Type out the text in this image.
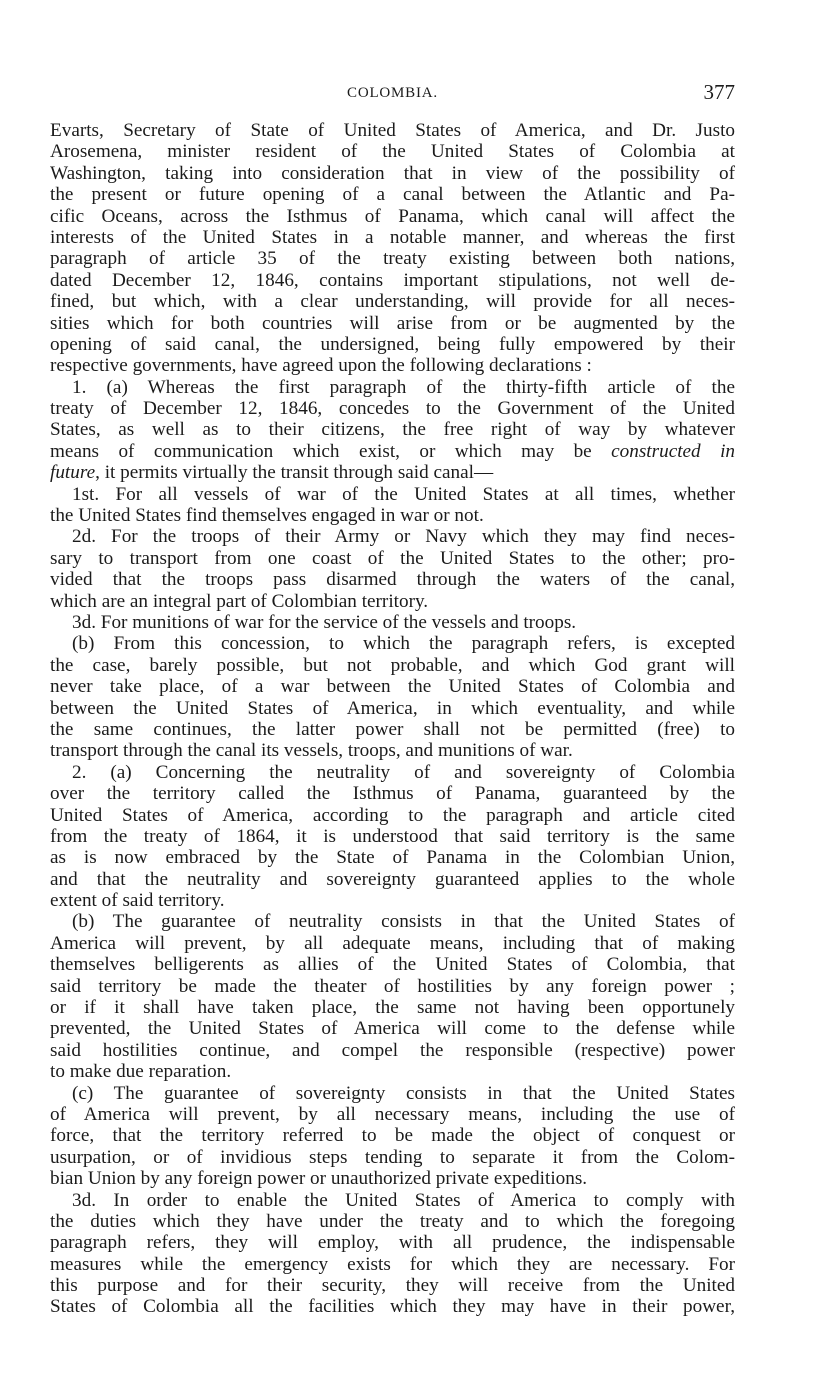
COLOMBIA.	377
Evarts, Secretary of State of United States of America, and Dr. Justo
Arosemena, minister resident of the United States of Colombia at
Washington, taking into consideration that in view of the possibility of
the present or future opening of a canal between the Atlantic and Pa-
cific Oceans, across the Isthmus of Panama, which canal will affect the
interests of the United States in a notable manner, and whereas the first
paragraph of article 35 of the treaty existing between both nations,
dated December 12, 1846, contains important stipulations, not well de-
fined, but which, with a clear understanding, will provide for all neces-
sities which for both countries will arise from or be augmented by the
opening of said canal, the undersigned, being fully empowered by their
respective governments, have agreed upon the following declarations :
1. (a) Whereas the first paragraph of the thirty-fifth article of the
treaty of December 12, 1846, concedes to the Government of the United
States, as well as to their citizens, the free right of way by whatever
means of communication which exist, or which may be constructed in
future, it permits virtually the transit through said canal—
1st. For all vessels of war of the United States at all times, whether
the United States find themselves engaged in war or not.
2d. For the troops of their Army or Navy which they may find neces-
sary to transport from one coast of the United States to the other; pro-
vided that the troops pass disarmed through the waters of the canal,
which are an integral part of Colombian territory.
3d. For munitions of war for the service of the vessels and troops.
(b) From this concession, to which the paragraph refers, is excepted
the case, barely possible, but not probable, and which God grant will
never take place, of a war between the United States of Colombia and
between the United States of America, in which eventuality, and while
the same continues, the latter power shall not be permitted (free) to
transport through the canal its vessels, troops, and munitions of war.
2. (a) Concerning the neutrality of and sovereignty of Colombia
over the territory called the Isthmus of Panama, guaranteed by the
United States of America, according to the paragraph and article cited
from the treaty of 1864, it is understood that said territory is the same
as is now embraced by the State of Panama in the Colombian Union,
and that the neutrality and sovereignty guaranteed applies to the whole
extent of said territory.
(b) The guarantee of neutrality consists in that the United States of
America will prevent, by all adequate means, including that of making
themselves belligerents as allies of the United States of Colombia, that
said territory be made the theater of hostilities by any foreign power ;
or if it shall have taken place, the same not having been opportunely
prevented, the United States of America will come to the defense while
said hostilities continue, and compel the responsible (respective) power
to make due reparation.
(c) The guarantee of sovereignty consists in that the United States
of America will prevent, by all necessary means, including the use of
force, that the territory referred to be made the object of conquest or
usurpation, or of invidious steps tending to separate it from the Colom-
bian Union by any foreign power or unauthorized private expeditions.
3d. In order to enable the United States of America to comply with
the duties which they have under the treaty and to which the foregoing
paragraph refers, they will employ, with all prudence, the indispensable
measures while the emergency exists for which they are necessary. For
this purpose and for their security, they will receive from the United
States of Colombia all the facilities which they may have in their power,
